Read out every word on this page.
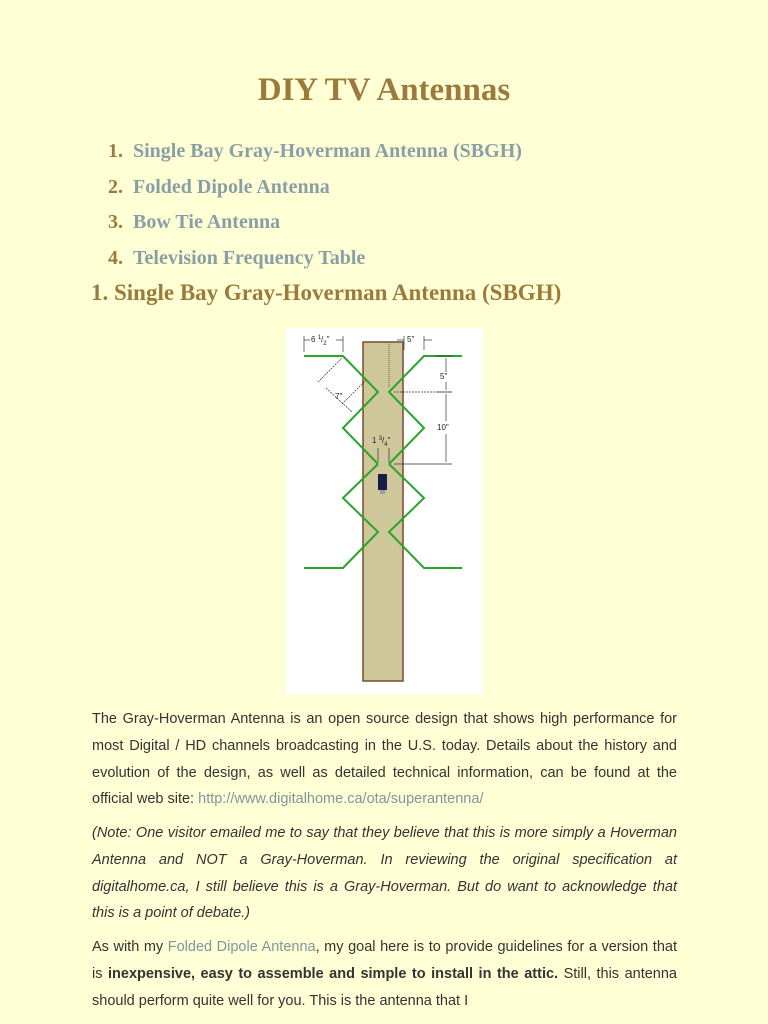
DIY TV Antennas
1. Single Bay Gray-Hoverman Antenna (SBGH)
2. Folded Dipole Antenna
3. Bow Tie Antenna
4. Television Frequency Table
1. Single Bay Gray-Hoverman Antenna (SBGH)
6 $^1/_2$"	5"
5"
10"
7"
1 $^3/_4$"

The Gray-Hoverman Antenna is an open source design that shows high performance for most Digital / HD channels broadcasting in the U.S. today. Details about the history and evolution of the design, as well as detailed technical information, can be found at the official web site: http://www.digitalhome.ca/ota/superantenna/

(Note: One visitor emailed me to say that they believe that this is more simply a Hoverman Antenna and NOT a Gray-Hoverman. In reviewing the original specification at digitalhome.ca, I still believe this is a Gray-Hoverman. But do want to acknowledge that this is a point of debate.)

As with my Folded Dipole Antenna, my goal here is to provide guidelines for a version that is inexpensive, easy to assemble and simple to install in the attic. Still, this antenna should perform quite well for you. This is the antenna that I
